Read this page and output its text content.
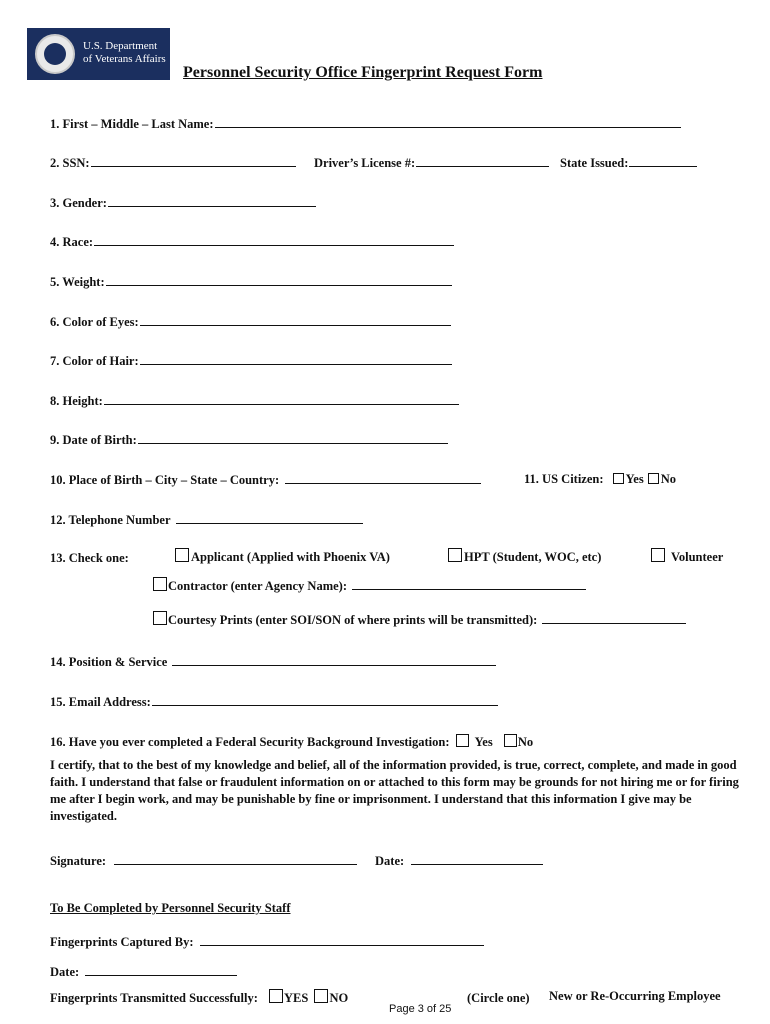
U.S. Department
of Veterans Affairs
Personnel Security Office Fingerprint Request Form
1. First – Middle – Last Name:
2. SSN:	Driver’s License #:	State Issued:
3. Gender:
4. Race:
5. Weight:
6. Color of Eyes:
7. Color of Hair:
8. Height:
9. Date of Birth:
10. Place of Birth – City – State – Country:	11. US Citizen: Yes No
12. Telephone Number
13. Check one:	Applicant (Applied with Phoenix VA)	HPT (Student, WOC, etc)	Volunteer
Contractor (enter Agency Name):
Courtesy Prints (enter SOI/SON of where prints will be transmitted):
14. Position & Service
15. Email Address:
16. Have you ever completed a Federal Security Background Investigation: Yes No
I certify, that to the best of my knowledge and belief, all of the information provided, is true, correct, complete, and made in good faith. I understand that false or fraudulent information on or attached to this form may be grounds for not hiring me or for firing me after I begin work, and may be punishable by fine or imprisonment. I understand that this information I give may be investigated.
Signature:	Date:
To Be Completed by Personnel Security Staff
Fingerprints Captured By:
Date:
Fingerprints Transmitted Successfully: YES NO	(Circle one) New or Re-Occurring Employee
Page 3 of 25
